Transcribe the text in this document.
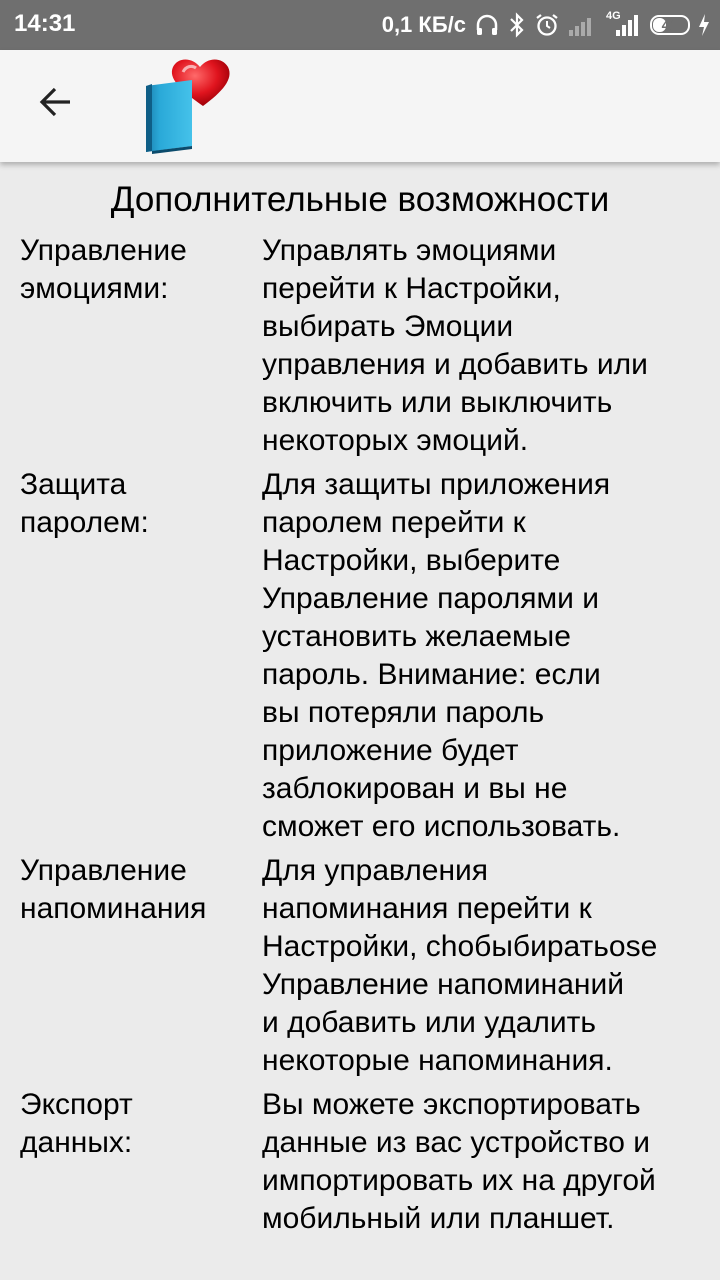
14:31	0,1 КБ/с	4G
41
Дополнительные возможности
Управление эмоциями:
Управлять эмоциями
перейти к Настройки,
выбирать Эмоции
управления и добавить или
включить или выключить
некоторых эмоций.
Защита паролем:
Для защиты приложения
паролем перейти к
Настройки, выберите
Управление паролями и
установить желаемые
пароль. Внимание: если
вы потеряли пароль
приложение будет
заблокирован и вы не
сможет его использовать.
Управление напоминания
Для управления
напоминания перейти к
Настройки, chобыбиратьose
Управление напоминаний
и добавить или удалить
некоторые напоминания.
Экспорт данных:
Вы можете экспортировать
данные из вас устройство и
импортировать их на другой
мобильный или планшет.
